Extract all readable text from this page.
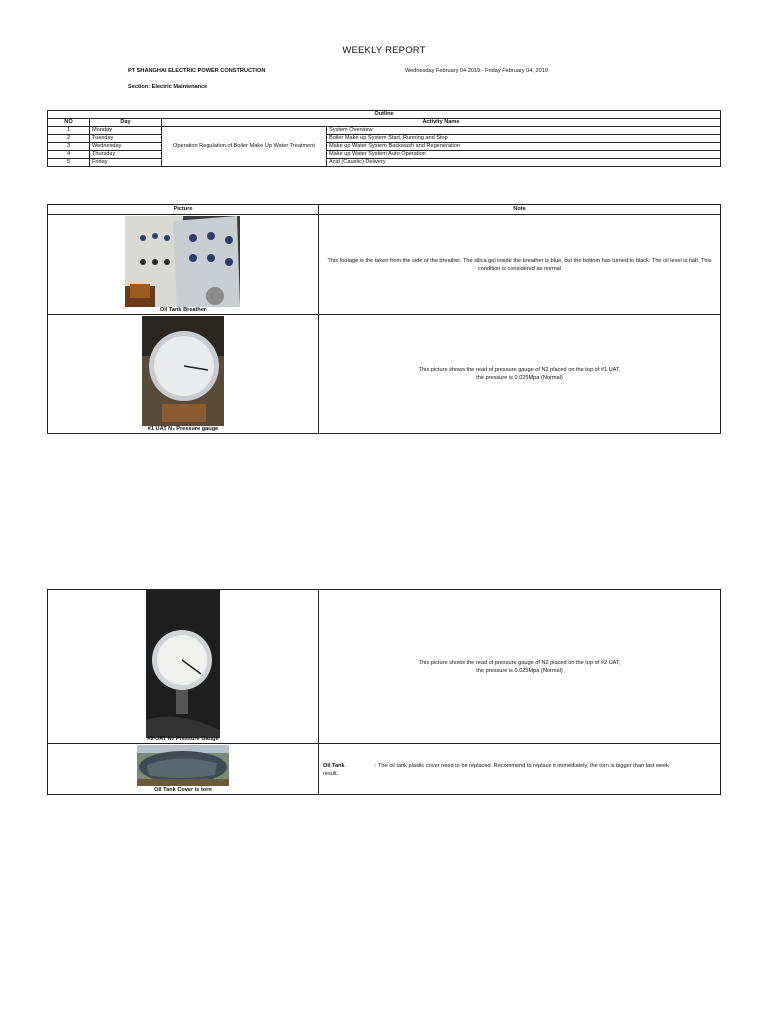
WEEKLY REPORT
PT SHANGHAI ELECTRIC POWER CONSTRUCTION	Wednesday February 04 2019 - Friday February 04, 2019
Section: Electric Maintenance
Outline			
NO	Day	Activity Name	
1	Monday	Operation Regulation of Boiler Make Up Water Treatment	System Overview
2	Tuesday		Boiler Make up System Start, Running and Stop
3	Wednesday		Make up Water System Backwash and Regeneration
4	Thursday		Make up Water System Auto Operation
5	Friday		Acid (Caustic) Delivery
Picture	Note

Oil Tank Breather	This footage is the taken from the side of the breather. The silica gel inside the breather is blue, but the bottom has turned to black. The oil level is half. This condition is considered as normal

#1 UAT N₂ Pressure gauge	This picture shows the read of pressure gauge of N2 placed on the top of #1 UAT,
the pressure is 0.025Mpa (Normal)
#2 UAT N₂ Pressure Gauge	This picture shows the read of pressure gauge of N2 placed on the top of #2 UAT,
the pressure is 0.025Mpa (Normal)

Oil Tank Cover is torn	Oil Tank : The oil tank plastic cover need to be replaced. Recommend to replace it immediately, the torn is bigger than last week
result.
